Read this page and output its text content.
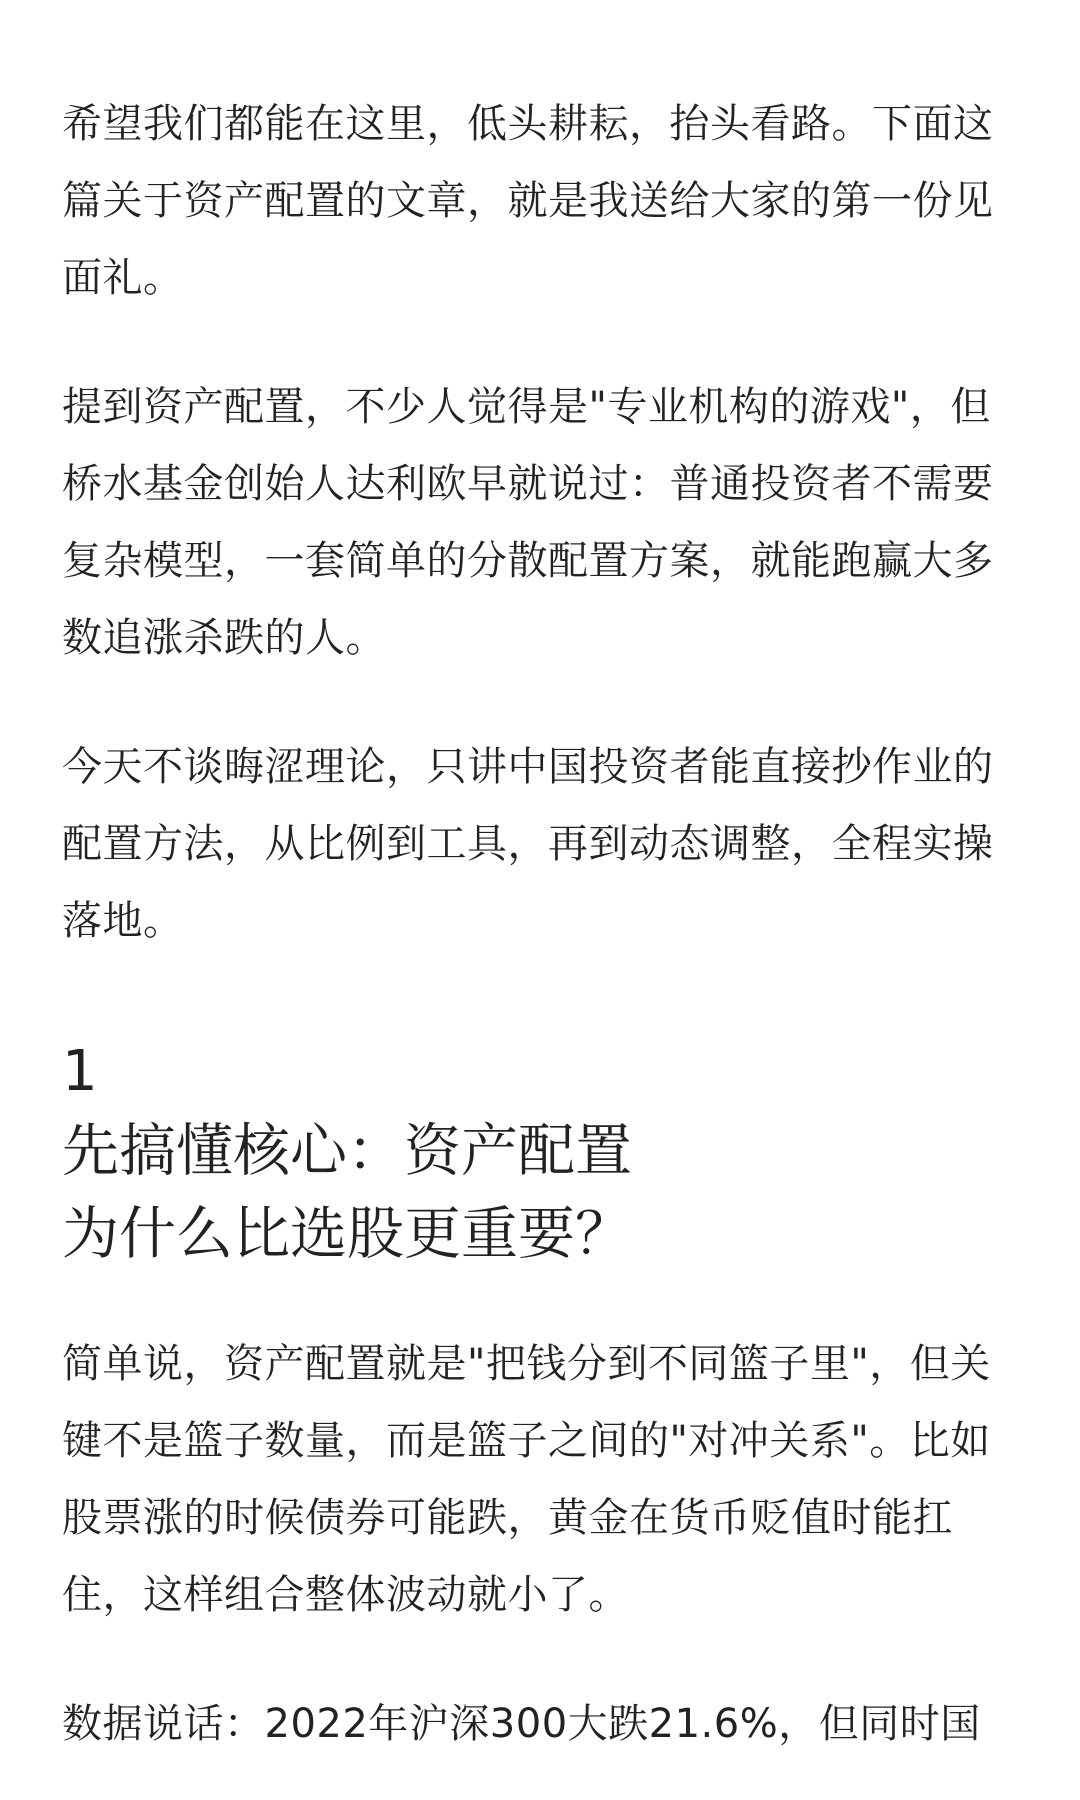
希望我们都能在这里，低头耕耘，抬头看路。下面这篇关于资产配置的文章，就是我送给大家的第一份见面礼。

提到资产配置，不少人觉得是"专业机构的游戏"，但桥水基金创始人达利欧早就说过：普通投资者不需要复杂模型，一套简单的分散配置方案，就能跑赢大多数追涨杀跌的人。

今天不谈晦涩理论，只讲中国投资者能直接抄作业的配置方法，从比例到工具，再到动态调整，全程实操落地。

1
先搞懂核心：资产配置
为什么比选股更重要？

简单说，资产配置就是"把钱分到不同篮子里"，但关键不是篮子数量，而是篮子之间的"对冲关系"。比如股票涨的时候债券可能跌，黄金在货币贬值时能扛住，这样组合整体波动就小了。

数据说话：2022年沪深300大跌21.6%，但同时国
